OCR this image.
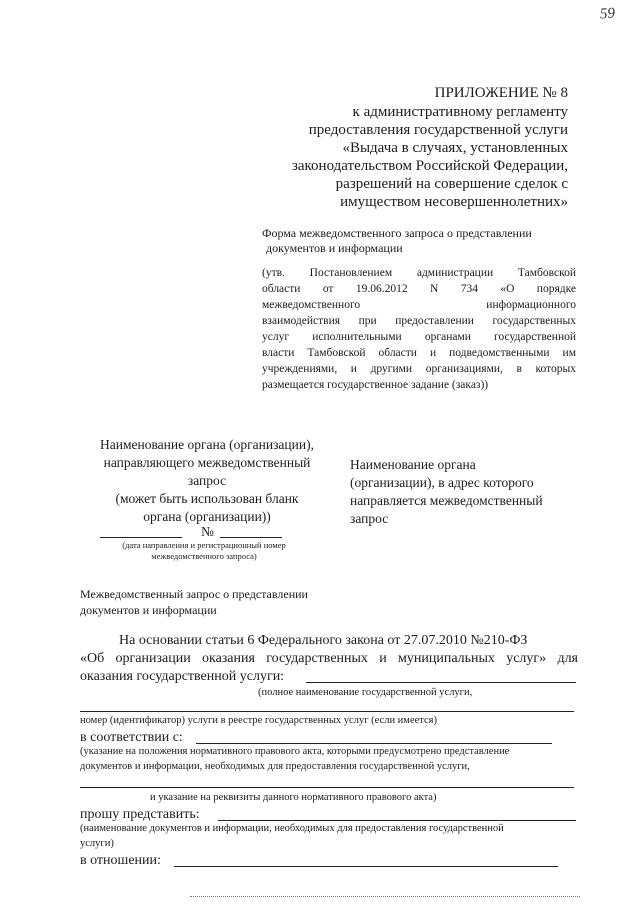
59
ПРИЛОЖЕНИЕ № 8
к административному регламенту
предоставления государственной услуги
«Выдача в случаях, установленных
законодательством Российской Федерации,
разрешений на совершение сделок с
имуществом несовершеннолетних»
Форма межведомственного запроса о представлении
документов и информации
(утв. Постановлением администрации Тамбовской
области от 19.06.2012 N 734 «О порядке
межведомственного информационного
взаимодействия при предоставлении государственных
услуг исполнительными органами государственной
власти Тамбовской области и подведомственными им
учреждениями, и другими организациями, в которых
размещается государственное задание (заказ))
Наименование органа (организации),
направляющего межведомственный
запрос
(может быть использован бланк
органа (организации))
№
(дата направления и регистрационный номер
межведомственного запроса)
Наименование органа
(организации), в адрес которого
направляется межведомственный
запрос
Межведомственный запрос о представлении
документов и информации
На основании статьи 6 Федерального закона от 27.07.2010 №210-ФЗ
«Об организации оказания государственных и муниципальных услуг» для
оказания государственной услуги:
(полное наименование государственной услуги,
номер (идентификатор) услуги в реестре государственных услуг (если имеется)
в соответствии с:
(указание на положения нормативного правового акта, которыми предусмотрено представление
документов и информации, необходимых для предоставления государственной услуги,
и указание на реквизиты данного нормативного правового акта)
прошу представить:
(наименование документов и информации, необходимых для предоставления государственной
услуги)
в отношении:
